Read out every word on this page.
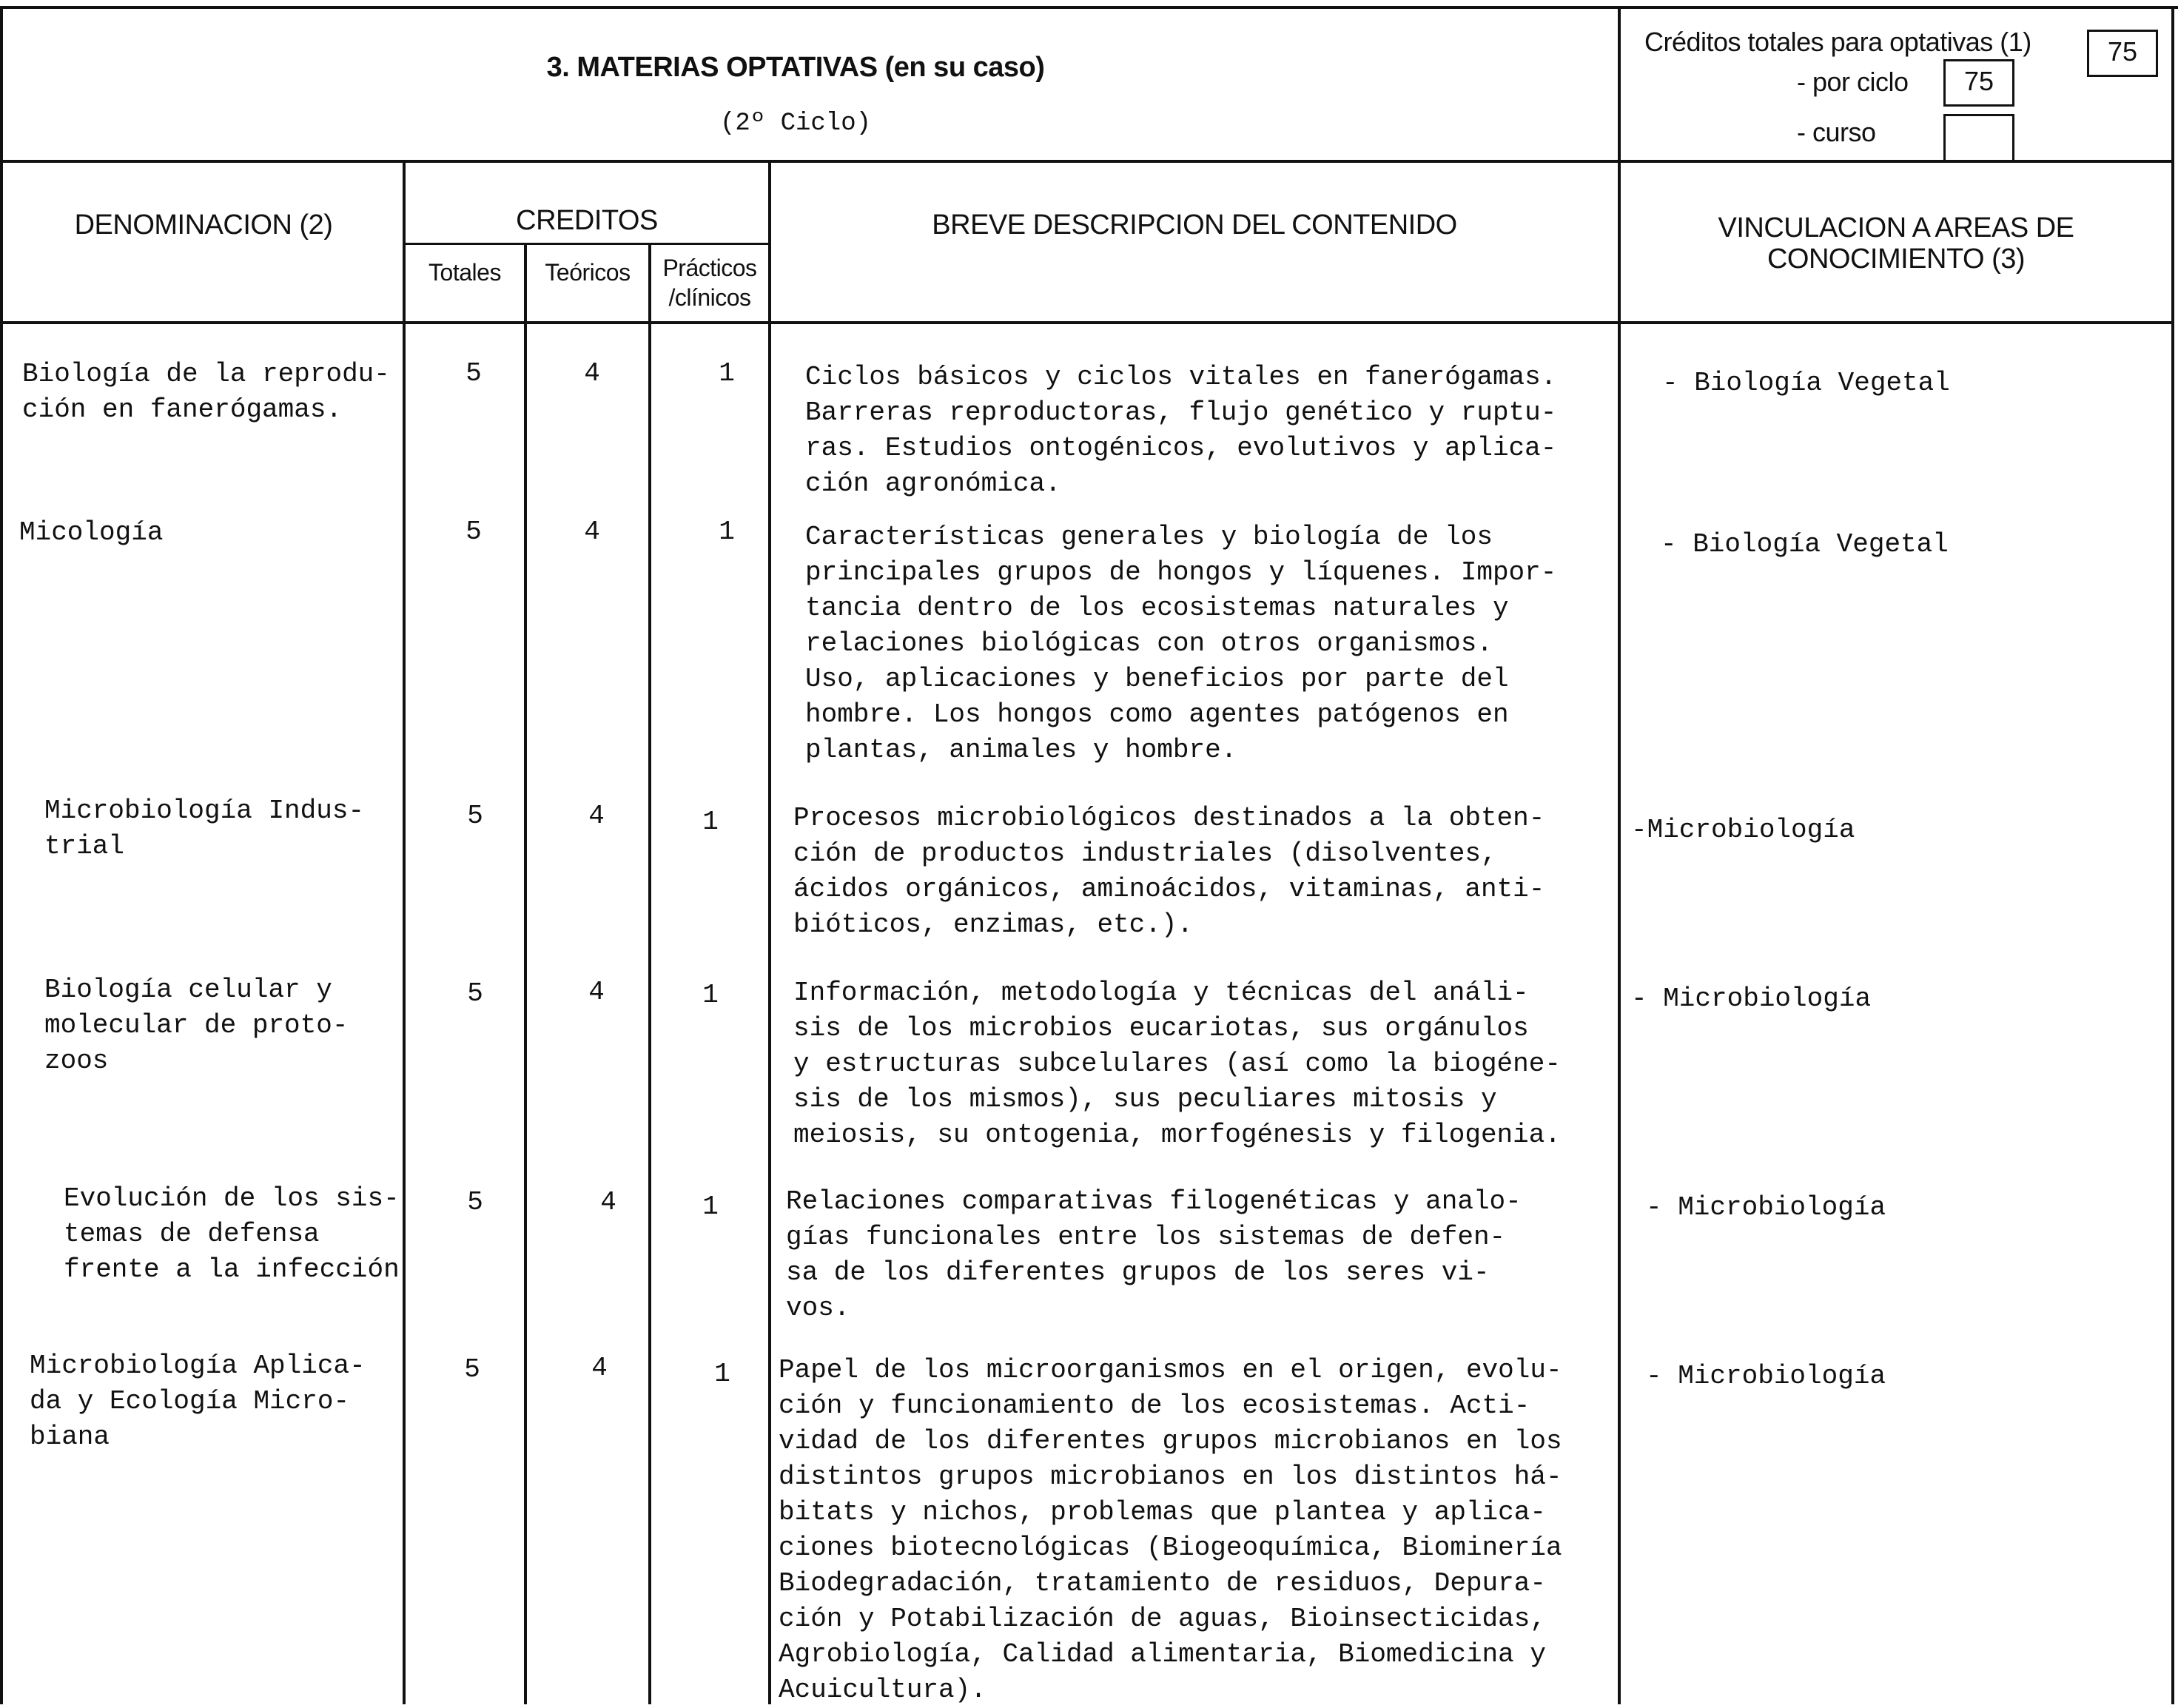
3. MATERIAS OPTATIVAS (en su caso)
(2º Ciclo)
Créditos totales para optativas (1)	75
- por ciclo	75
- curso
DENOMINACION (2)	CREDITOS
Totales	Teóricos	Prácticos
/clínicos
BREVE DESCRIPCION DEL CONTENIDO	VINCULACION A AREAS DE
CONOCIMIENTO (3)
Biología de la reprodu-
ción en fanerógamas.
5	4	1	Ciclos básicos y ciclos vitales en fanerógamas.
Barreras reproductoras, flujo genético y ruptu-
ras. Estudios ontogénicos, evolutivos y aplica-
ción agronómica.
- Biología Vegetal
Micología	5	4	1	Características generales y biología de los
principales grupos de hongos y líquenes. Impor-
tancia dentro de los ecosistemas naturales y
relaciones biológicas con otros organismos.
Uso, aplicaciones y beneficios por parte del
hombre. Los hongos como agentes patógenos en
plantas, animales y hombre.
- Biología Vegetal
Microbiología Indus-
trial
5	4	1	Procesos microbiológicos destinados a la obten-
ción de productos industriales (disolventes,
ácidos orgánicos, aminoácidos, vitaminas, anti-
bióticos, enzimas, etc.).
-Microbiología
Biología celular y
molecular de proto-
zoos
5	4	1	Información, metodología y técnicas del análi-
sis de los microbios eucariotas, sus orgánulos
y estructuras subcelulares (así como la biogéne-
sis de los mismos), sus peculiares mitosis y
meiosis, su ontogenia, morfogénesis y filogenia.
- Microbiología
Evolución de los sis-
temas de defensa
frente a la infección
5	4	1	Relaciones comparativas filogenéticas y analo-
gías funcionales entre los sistemas de defen-
sa de los diferentes grupos de los seres vi-
vos.
- Microbiología
Microbiología Aplica-
da y Ecología Micro-
biana
5	4	1	Papel de los microorganismos en el origen, evolu-
ción y funcionamiento de los ecosistemas. Acti-
vidad de los diferentes grupos microbianos en los
distintos grupos microbianos en los distintos há-
bitats y nichos, problemas que plantea y aplica-
ciones biotecnológicas (Biogeoquímica, Biominería
Biodegradación, tratamiento de residuos, Depura-
ción y Potabilización de aguas, Bioinsecticidas,
Agrobiología, Calidad alimentaria, Biomedicina y
Acuicultura).
- Microbiología
